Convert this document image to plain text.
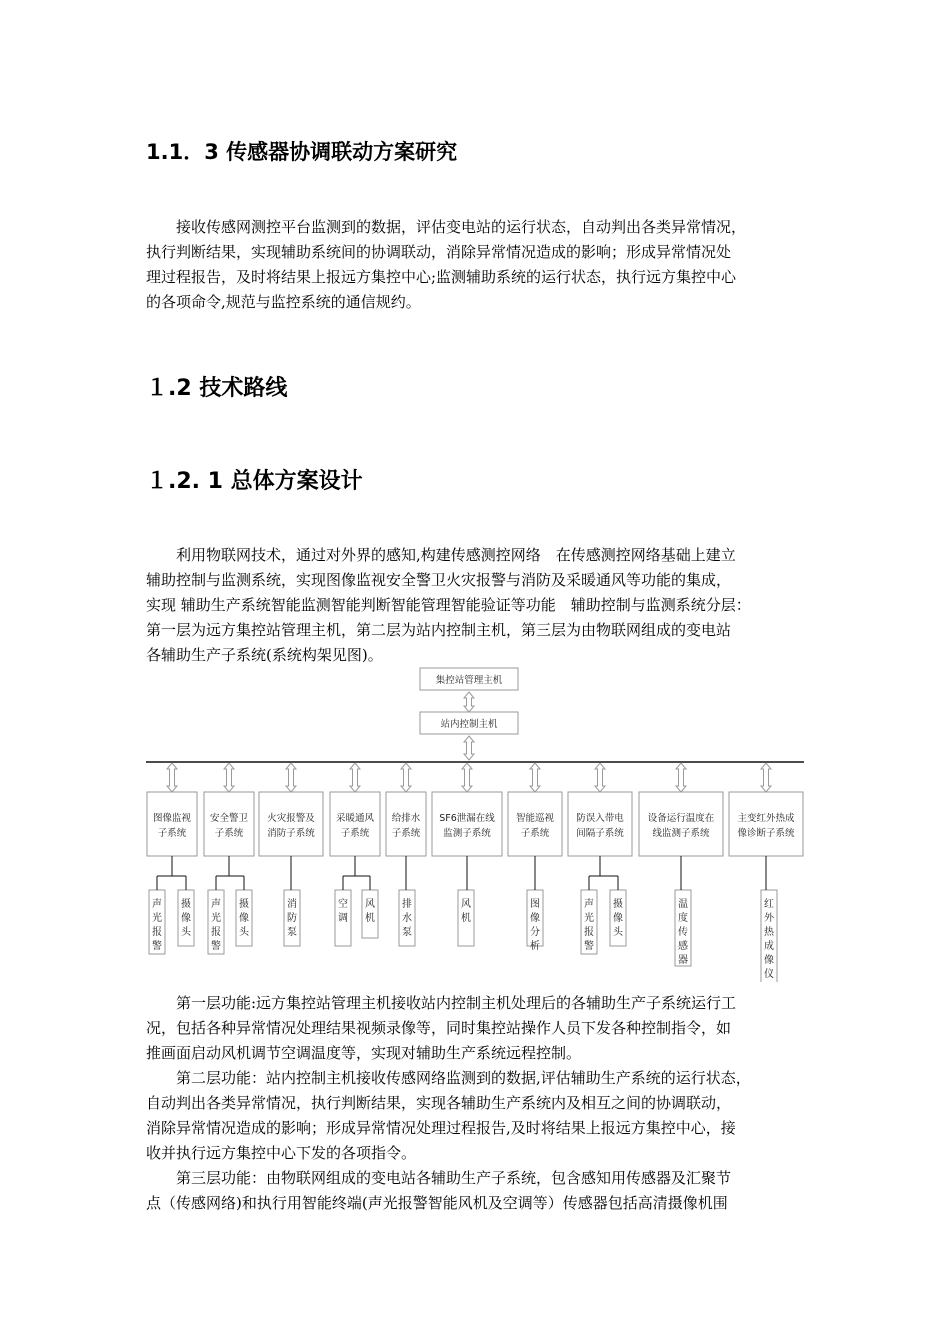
1.1．3 传感器协调联动方案研究
　　接收传感网测控平台监测到的数据，评估变电站的运行状态，自动判出各类异常情况，
执行判断结果，实现辅助系统间的协调联动，消除异常情况造成的影响；形成异常情况处
理过程报告，及时将结果上报远方集控中心;监测辅助系统的运行状态，执行远方集控中心
的各项命令,规范与监控系统的通信规约。
１.2 技术路线
１.2. 1 总体方案设计
　　利用物联网技术，通过对外界的感知,构建传感测控网络　在传感测控网络基础上建立
辅助控制与监测系统，实现图像监视安全警卫火灾报警与消防及采暖通风等功能的集成，
实现 辅助生产系统智能监测智能判断智能管理智能验证等功能　辅助控制与监测系统分层：
第一层为远方集控站管理主机，第二层为站内控制主机，第三层为由物联网组成的变电站
各辅助生产子系统(系统构架见图)。
集控站管理主机
站内控制主机
图像监视
子系统
安全警卫
子系统
火灾报警及
消防子系统
采暖通风
子系统
给排水
子系统
SF6泄漏在线
监测子系统
智能巡视
子系统
防误入带电
间隔子系统
设备运行温度在
线监测子系统
主变红外热成
像诊断子系统
声
光
报
警
摄
像
头
声
光
报
警
摄
像
头
消
防
泵
空
调
风
机
排
水
泵
风
机
图
像
分
析
声
光
报
警
摄
像
头
温
度
传
感
器
红
外
热
成
像
仪
　　第一层功能:远方集控站管理主机接收站内控制主机处理后的各辅助生产子系统运行工
况，包括各种异常情况处理结果视频录像等，同时集控站操作人员下发各种控制指令，如
推画面启动风机调节空调温度等，实现对辅助生产系统远程控制。
　　第二层功能：站内控制主机接收传感网络监测到的数据,评估辅助生产系统的运行状态，
自动判出各类异常情况，执行判断结果，实现各辅助生产系统内及相互之间的协调联动，
消除异常情况造成的影响；形成异常情况处理过程报告,及时将结果上报远方集控中心，接
收并执行远方集控中心下发的各项指令。
　　第三层功能：由物联网组成的变电站各辅助生产子系统，包含感知用传感器及汇聚节
点（传感网络)和执行用智能终端(声光报警智能风机及空调等）传感器包括高清摄像机围
